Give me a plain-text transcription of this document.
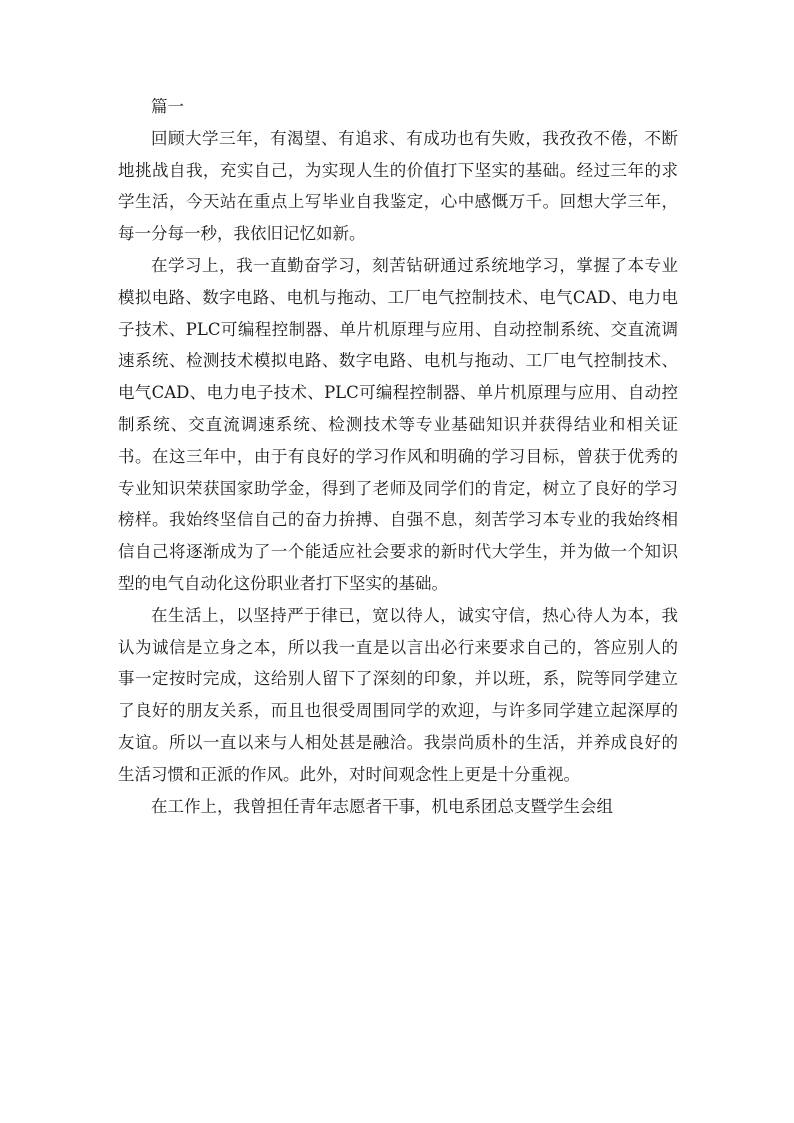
篇一

回顾大学三年，有渴望、有追求、有成功也有失败，我孜孜不倦，不断地挑战自我，充实自己，为实现人生的价值打下坚实的基础。经过三年的求学生活，今天站在重点上写毕业自我鉴定，心中感慨万千。回想大学三年，每一分每一秒，我依旧记忆如新。

在学习上，我一直勤奋学习，刻苦钻研通过系统地学习，掌握了本专业模拟电路、数字电路、电机与拖动、工厂电气控制技术、电气CAD、电力电子技术、PLC可编程控制器、单片机原理与应用、自动控制系统、交直流调速系统、检测技术模拟电路、数字电路、电机与拖动、工厂电气控制技术、电气CAD、电力电子技术、PLC可编程控制器、单片机原理与应用、自动控制系统、交直流调速系统、检测技术等专业基础知识并获得结业和相关证书。在这三年中，由于有良好的学习作风和明确的学习目标，曾获于优秀的专业知识荣获国家助学金，得到了老师及同学们的肯定，树立了良好的学习榜样。我始终坚信自己的奋力拚搏、自强不息，刻苦学习本专业的我始终相信自己将逐渐成为了一个能适应社会要求的新时代大学生，并为做一个知识型的电气自动化这份职业者打下坚实的基础。

在生活上，以坚持严于律已，宽以待人，诚实守信，热心待人为本，我认为诚信是立身之本，所以我一直是以言出必行来要求自己的，答应别人的事一定按时完成，这给别人留下了深刻的印象，并以班，系，院等同学建立了良好的朋友关系，而且也很受周围同学的欢迎，与许多同学建立起深厚的友谊。所以一直以来与人相处甚是融洽。我崇尚质朴的生活，并养成良好的生活习惯和正派的作风。此外，对时间观念性上更是十分重视。

在工作上，我曾担任青年志愿者干事，机电系团总支暨学生会组
